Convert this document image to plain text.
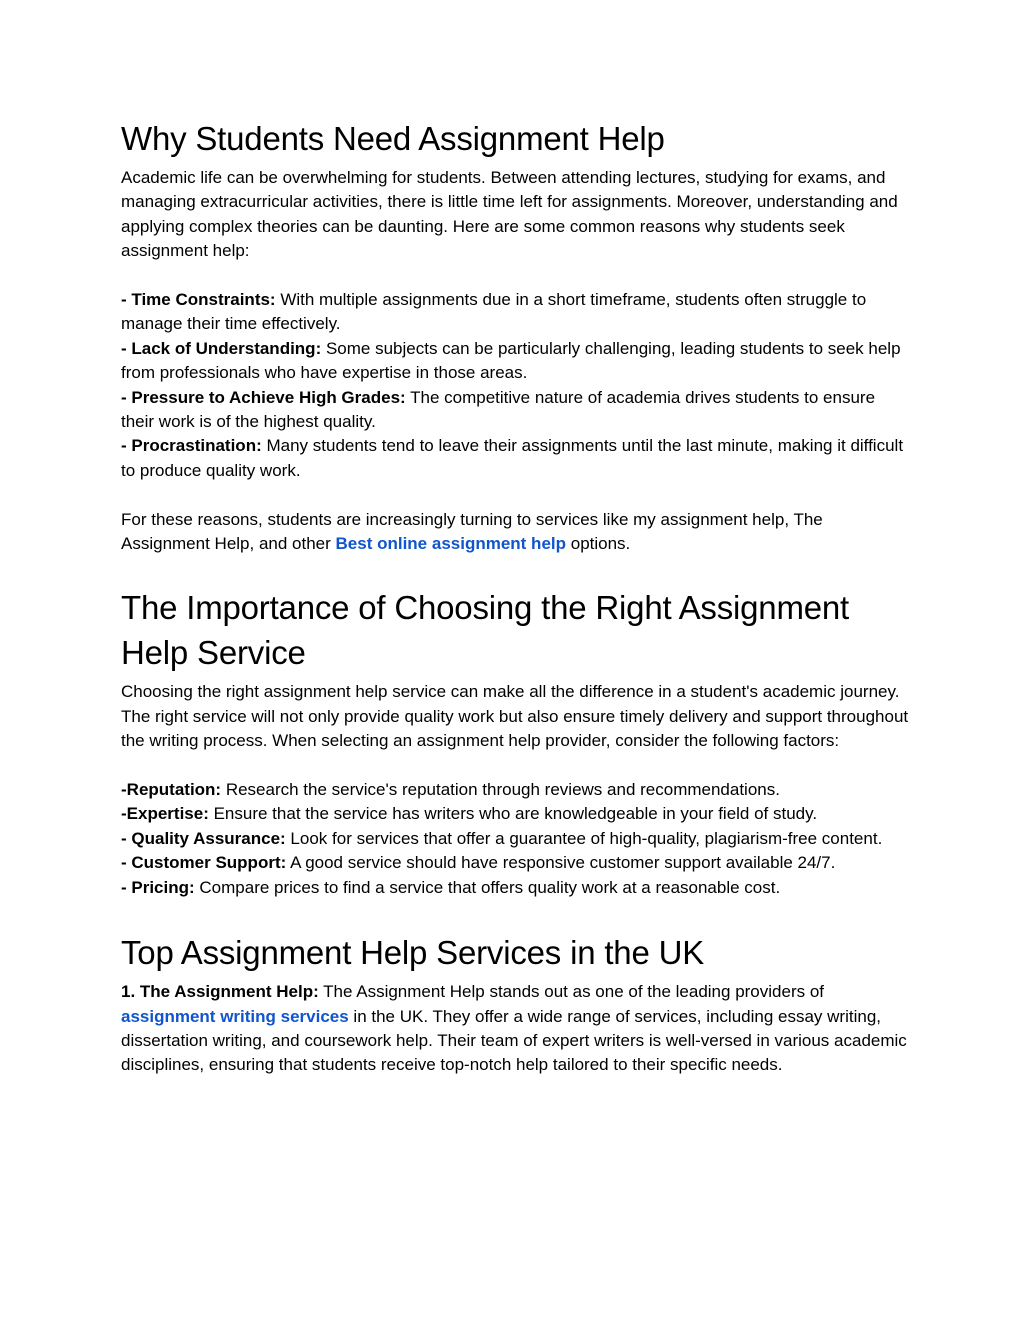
Why Students Need Assignment Help

Academic life can be overwhelming for students. Between attending lectures, studying for exams, and managing extracurricular activities, there is little time left for assignments. Moreover, understanding and applying complex theories can be daunting. Here are some common reasons why students seek assignment help:

- Time Constraints: With multiple assignments due in a short timeframe, students often struggle to manage their time effectively.

- Lack of Understanding: Some subjects can be particularly challenging, leading students to seek help from professionals who have expertise in those areas.

- Pressure to Achieve High Grades: The competitive nature of academia drives students to ensure their work is of the highest quality.

- Procrastination: Many students tend to leave their assignments until the last minute, making it difficult to produce quality work.

For these reasons, students are increasingly turning to services like my assignment help, The Assignment Help, and other Best online assignment help options.

The Importance of Choosing the Right Assignment Help Service

Choosing the right assignment help service can make all the difference in a student's academic journey. The right service will not only provide quality work but also ensure timely delivery and support throughout the writing process. When selecting an assignment help provider, consider the following factors:

-Reputation: Research the service's reputation through reviews and recommendations.

-Expertise: Ensure that the service has writers who are knowledgeable in your field of study.

- Quality Assurance: Look for services that offer a guarantee of high-quality, plagiarism-free content.

- Customer Support: A good service should have responsive customer support available 24/7.

- Pricing: Compare prices to find a service that offers quality work at a reasonable cost.

Top Assignment Help Services in the UK

1. The Assignment Help: The Assignment Help stands out as one of the leading providers of assignment writing services in the UK. They offer a wide range of services, including essay writing, dissertation writing, and coursework help. Their team of expert writers is well-versed in various academic disciplines, ensuring that students receive top-notch help tailored to their specific needs.
